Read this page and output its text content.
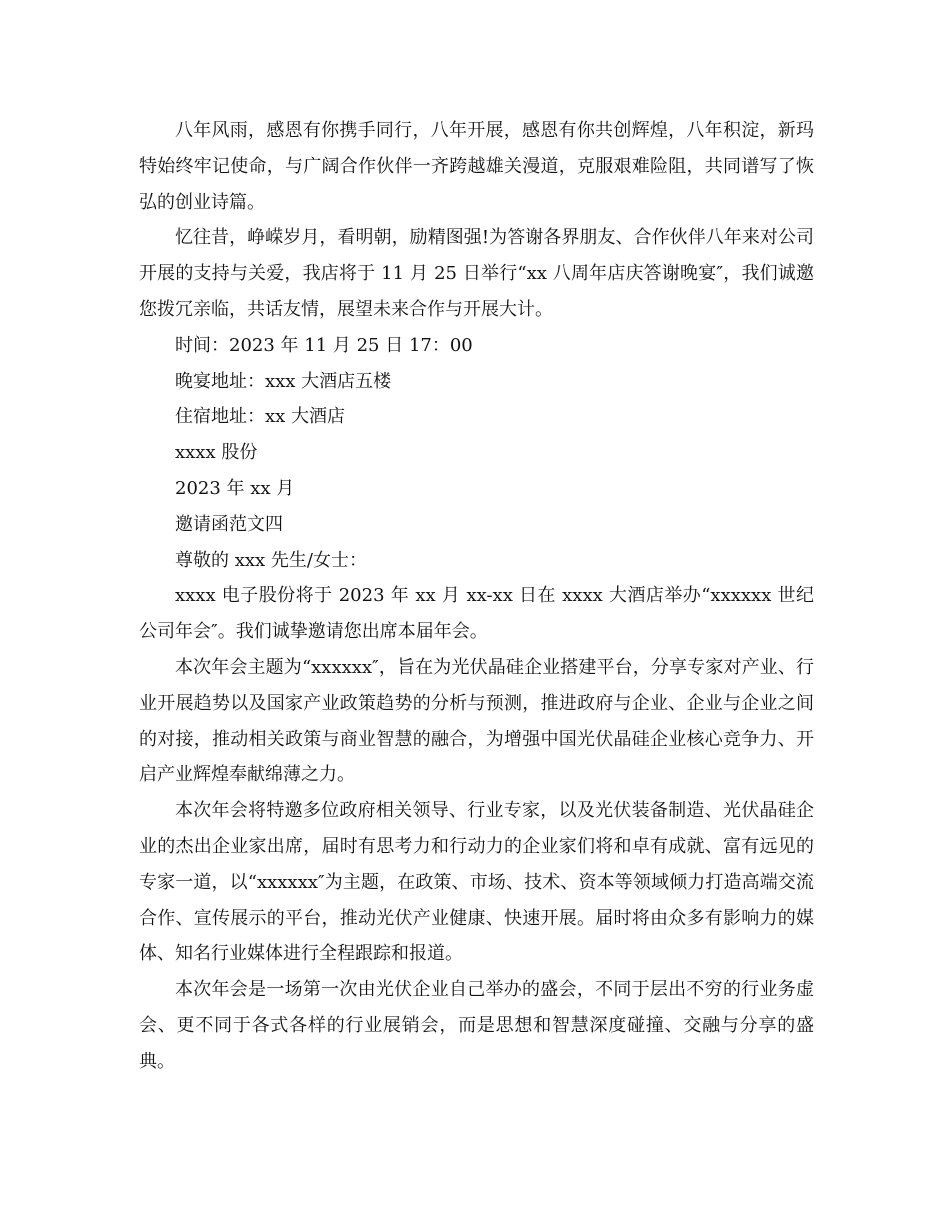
八年风雨，感恩有你携手同行，八年开展，感恩有你共创辉煌，八年积淀，新玛特始终牢记使命，与广阔合作伙伴一齐跨越雄关漫道，克服艰难险阻，共同谱写了恢弘的创业诗篇。

忆往昔，峥嵘岁月，看明朝，励精图强!为答谢各界朋友、合作伙伴八年来对公司开展的支持与关爱，我店将于 11 月 25 日举行“xx 八周年店庆答谢晚宴″，我们诚邀您拨冗亲临，共话友情，展望未来合作与开展大计。

时间：2023 年 11 月 25 日 17：00

晚宴地址：xxx 大酒店五楼

住宿地址：xx 大酒店

xxxx 股份

2023 年 xx 月

邀请函范文四

尊敬的 xxx 先生/女士：

xxxx 电子股份将于 2023 年 xx 月 xx-xx 日在 xxxx 大酒店举办“xxxxxx 世纪公司年会″。我们诚挚邀请您出席本届年会。

本次年会主题为“xxxxxx″，旨在为光伏晶硅企业搭建平台，分享专家对产业、行业开展趋势以及国家产业政策趋势的分析与预测，推进政府与企业、企业与企业之间的对接，推动相关政策与商业智慧的融合，为增强中国光伏晶硅企业核心竞争力、开启产业辉煌奉献绵薄之力。

本次年会将特邀多位政府相关领导、行业专家，以及光伏装备制造、光伏晶硅企业的杰出企业家出席，届时有思考力和行动力的企业家们将和卓有成就、富有远见的专家一道，以“xxxxxx″为主题，在政策、市场、技术、资本等领域倾力打造高端交流合作、宣传展示的平台，推动光伏产业健康、快速开展。届时将由众多有影响力的媒体、知名行业媒体进行全程跟踪和报道。

本次年会是一场第一次由光伏企业自己举办的盛会，不同于层出不穷的行业务虚会、更不同于各式各样的行业展销会，而是思想和智慧深度碰撞、交融与分享的盛典。
